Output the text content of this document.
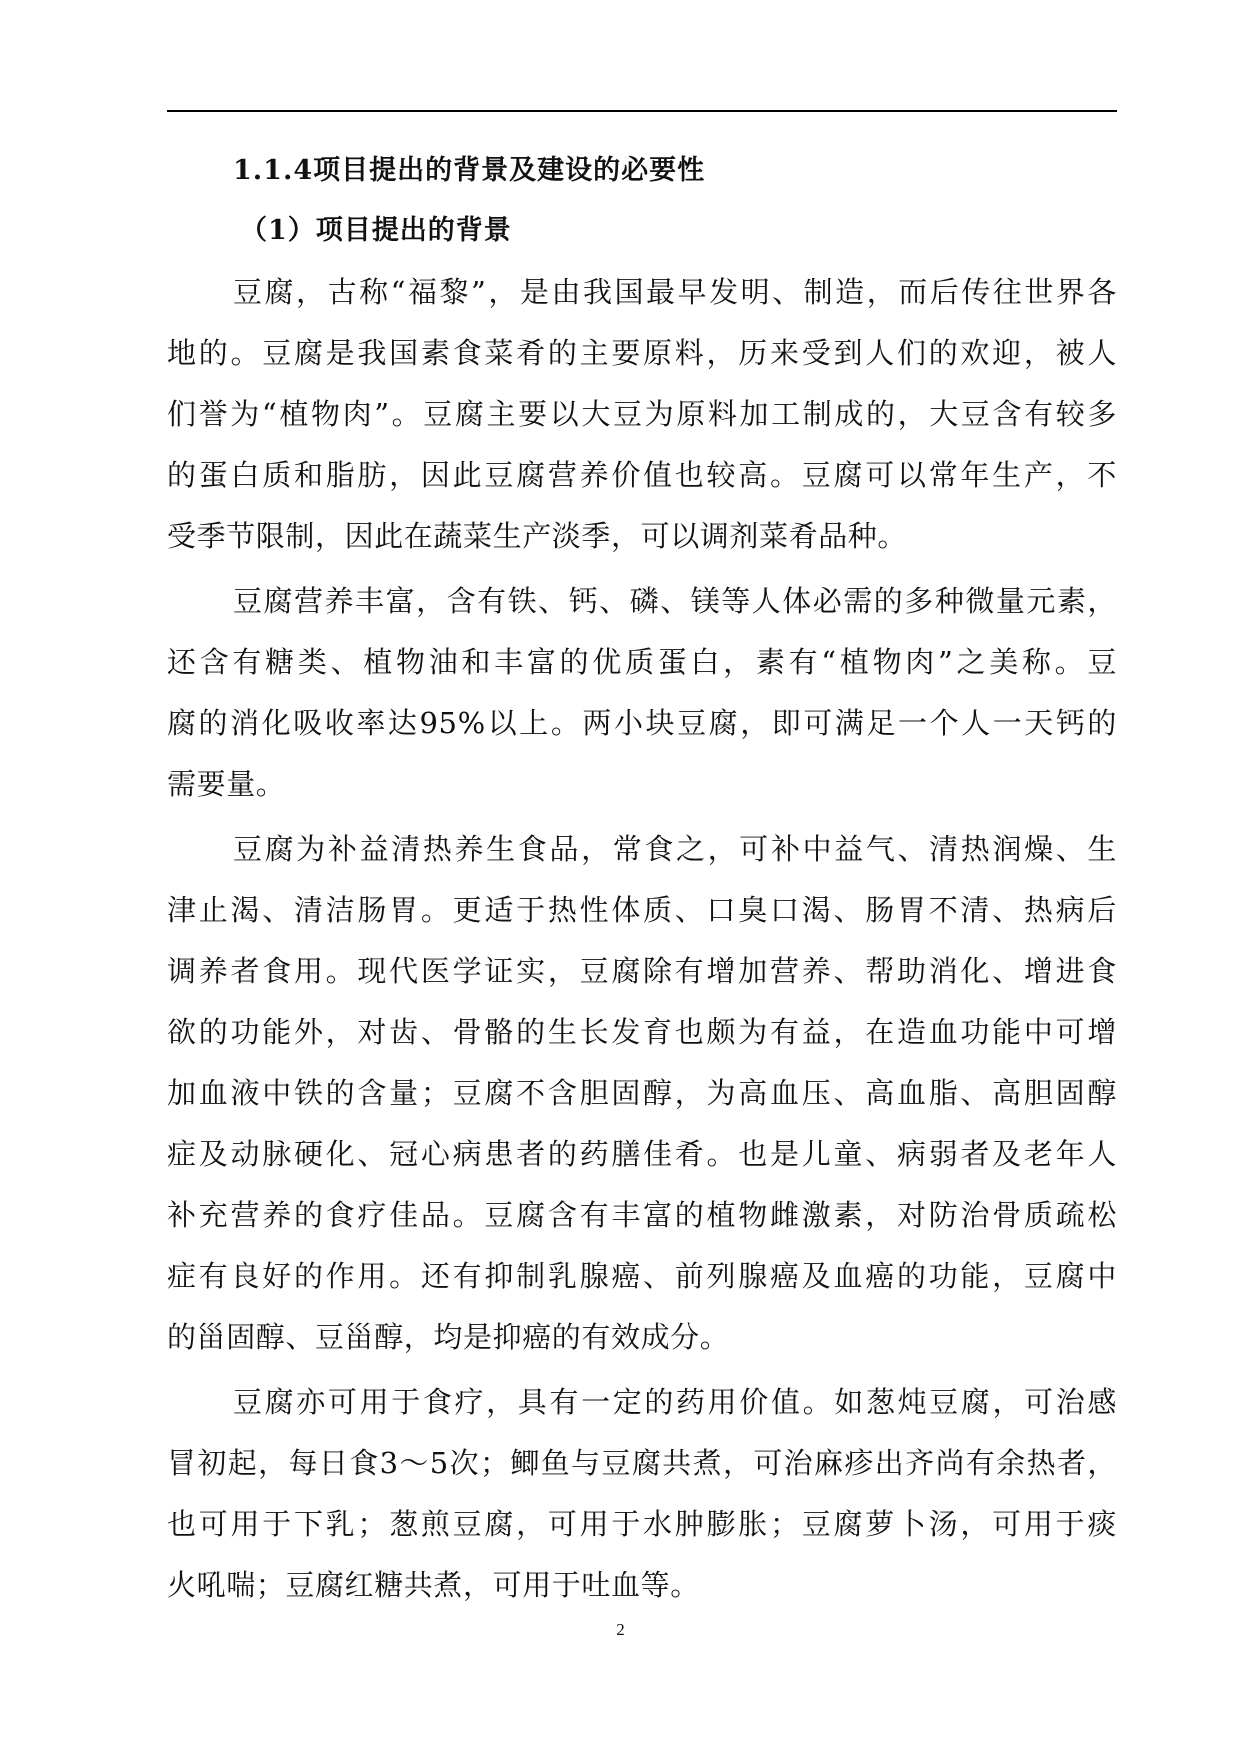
1.1.4项目提出的背景及建设的必要性
（1）项目提出的背景

豆腐，古称“福黎”，是由我国最早发明、制造，而后传往世界各
地的。豆腐是我国素食菜肴的主要原料，历来受到人们的欢迎，被人
们誉为“植物肉”。豆腐主要以大豆为原料加工制成的，大豆含有较多
的蛋白质和脂肪，因此豆腐营养价值也较高。豆腐可以常年生产，不
受季节限制，因此在蔬菜生产淡季，可以调剂菜肴品种。

豆腐营养丰富，含有铁、钙、磷、镁等人体必需的多种微量元素，
还含有糖类、植物油和丰富的优质蛋白，素有“植物肉”之美称。豆
腐的消化吸收率达95%以上。两小块豆腐，即可满足一个人一天钙的
需要量。

豆腐为补益清热养生食品，常食之，可补中益气、清热润燥、生
津止渴、清洁肠胃。更适于热性体质、口臭口渴、肠胃不清、热病后
调养者食用。现代医学证实，豆腐除有增加营养、帮助消化、增进食
欲的功能外，对齿、骨骼的生长发育也颇为有益，在造血功能中可增
加血液中铁的含量；豆腐不含胆固醇，为高血压、高血脂、高胆固醇
症及动脉硬化、冠心病患者的药膳佳肴。也是儿童、病弱者及老年人
补充营养的食疗佳品。豆腐含有丰富的植物雌激素，对防治骨质疏松
症有良好的作用。还有抑制乳腺癌、前列腺癌及血癌的功能，豆腐中
的甾固醇、豆甾醇，均是抑癌的有效成分。

豆腐亦可用于食疗，具有一定的药用价值。如葱炖豆腐，可治感
冒初起，每日食3～5次；鲫鱼与豆腐共煮，可治麻疹出齐尚有余热者，
也可用于下乳；葱煎豆腐，可用于水肿膨胀；豆腐萝卜汤，可用于痰
火吼喘；豆腐红糖共煮，可用于吐血等。

2
